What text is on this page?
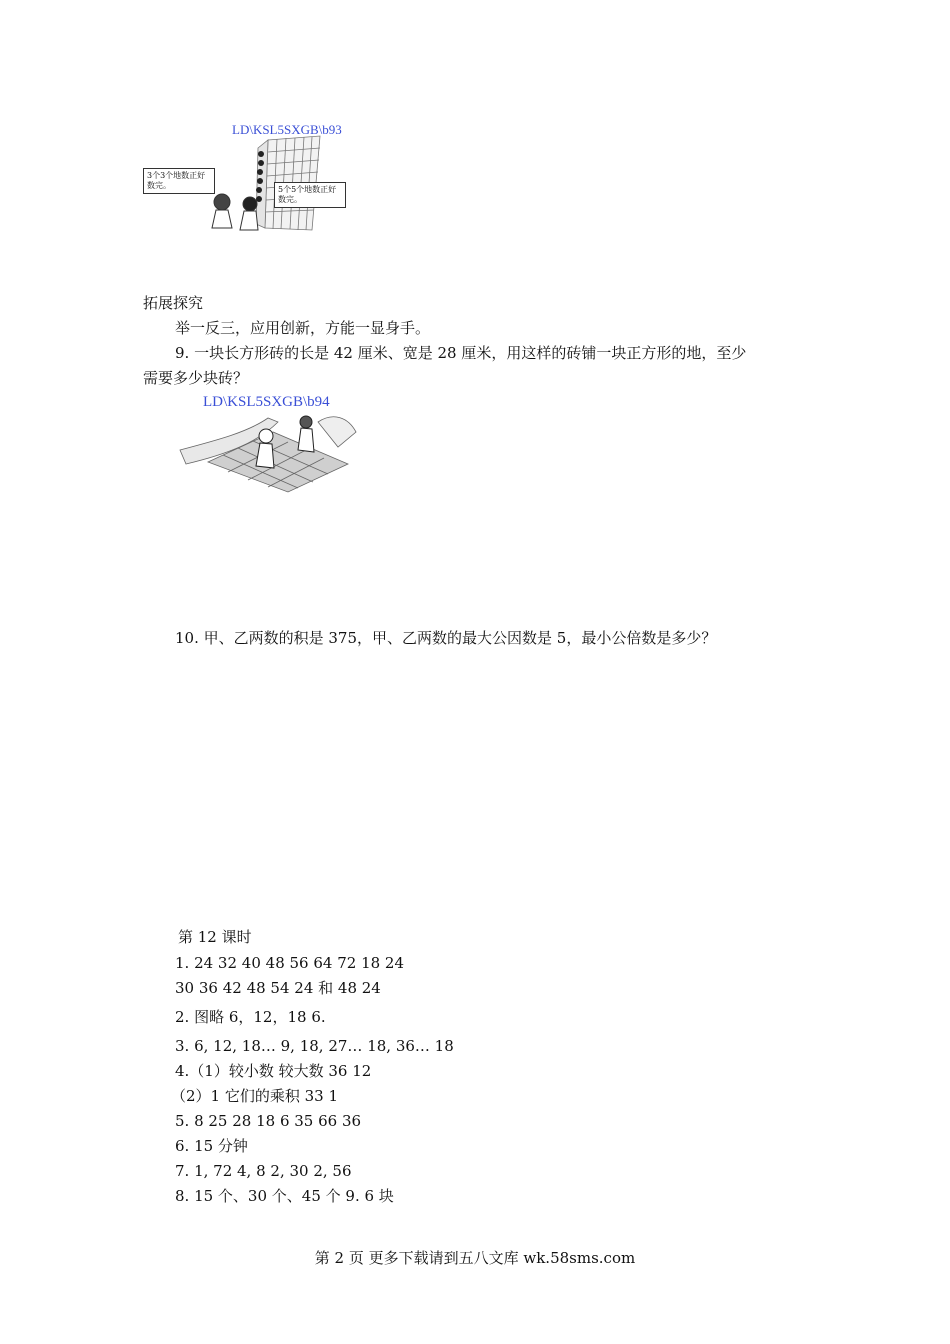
LD\KSL5SXGB\b93
3个3个地数正好数完。	5个5个地数正好数完。
拓展探究
举一反三，应用创新，方能一显身手。
9. 一块长方形砖的长是 42 厘米、宽是 28 厘米，用这样的砖铺一块正方形的地，至少
需要多少块砖？
LD\KSL5SXGB\b94
10. 甲、乙两数的积是 375，甲、乙两数的最大公因数是 5，最小公倍数是多少？
第 12 课时
1. 24 32 40 48 56 64 72 18 24
30 36 42 48 54 24 和 48 24
2. 图略 6，12，18 6.
3. 6, 12, 18… 9, 18, 27… 18, 36… 18
4.（1）较小数 较大数 36 12
（2）1 它们的乘积 33 1
5. 8 25 28 18 6 35 66 36
6. 15 分钟
7. 1, 72 4, 8 2, 30 2, 56
8. 15 个、30 个、45 个 9. 6 块
第 2 页 更多下载请到五八文库 wk.58sms.com
